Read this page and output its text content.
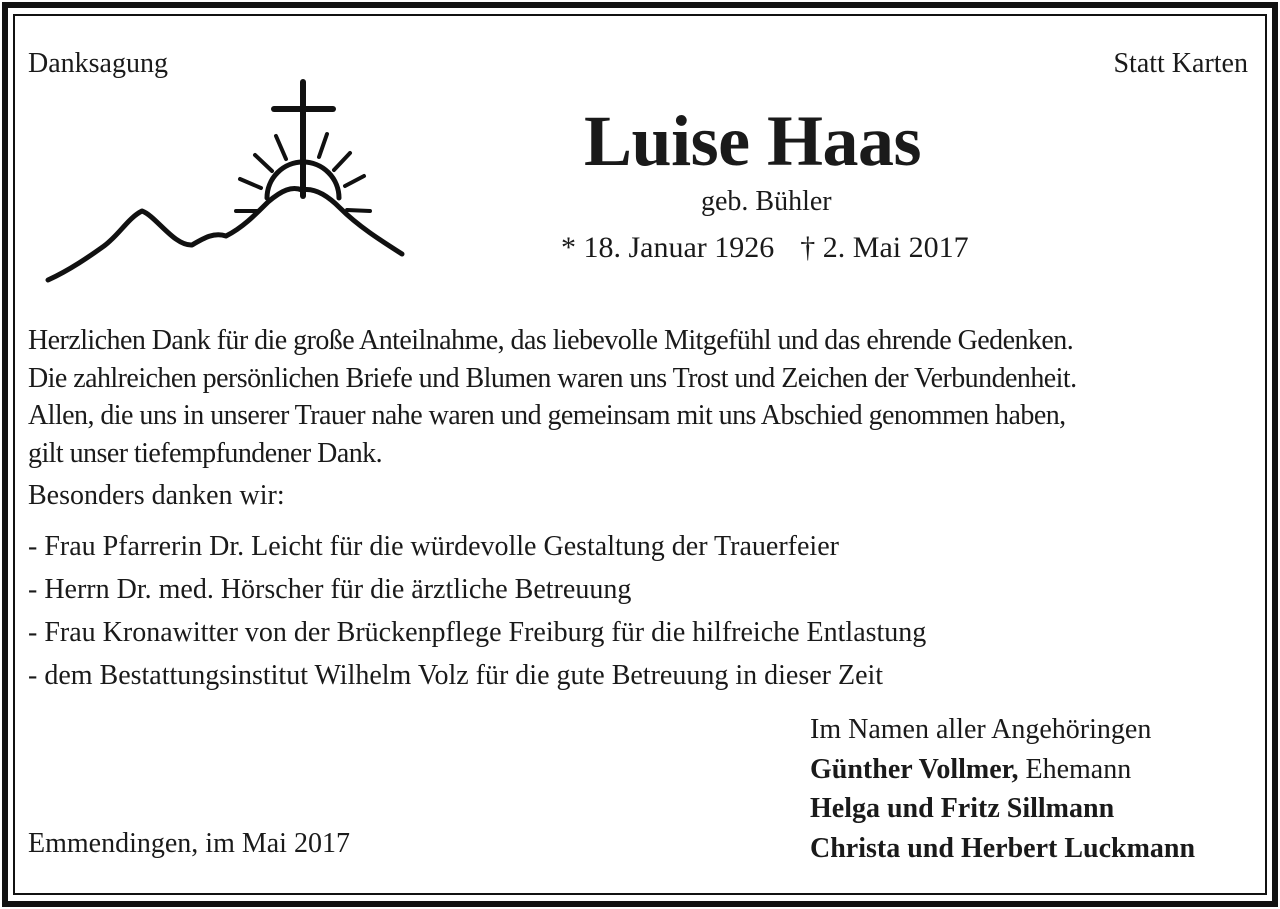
Danksagung	Statt Karten
Luise Haas
geb. Bühler
* 18. Januar 1926 † 2. Mai 2017

Herzlichen Dank für die große Anteilnahme, das liebevolle Mitgefühl und das ehrende Gedenken.

Die zahlreichen persönlichen Briefe und Blumen waren uns Trost und Zeichen der Verbundenheit.

Allen, die uns in unserer Trauer nahe waren und gemeinsam mit uns Abschied genommen haben,

gilt unser tiefempfundener Dank.

Besonders danken wir:
- Frau Pfarrerin Dr. Leicht für die würdevolle Gestaltung der Trauerfeier
- Herrn Dr. med. Hörscher für die ärztliche Betreuung
- Frau Kronawitter von der Brückenpflege Freiburg für die hilfreiche Entlastung
- dem Bestattungsinstitut Wilhelm Volz für die gute Betreuung in dieser Zeit
Im Namen aller Angehöringen
Günther Vollmer, Ehemann
Helga und Fritz Sillmann
Christa und Herbert Luckmann
Emmendingen, im Mai 2017
